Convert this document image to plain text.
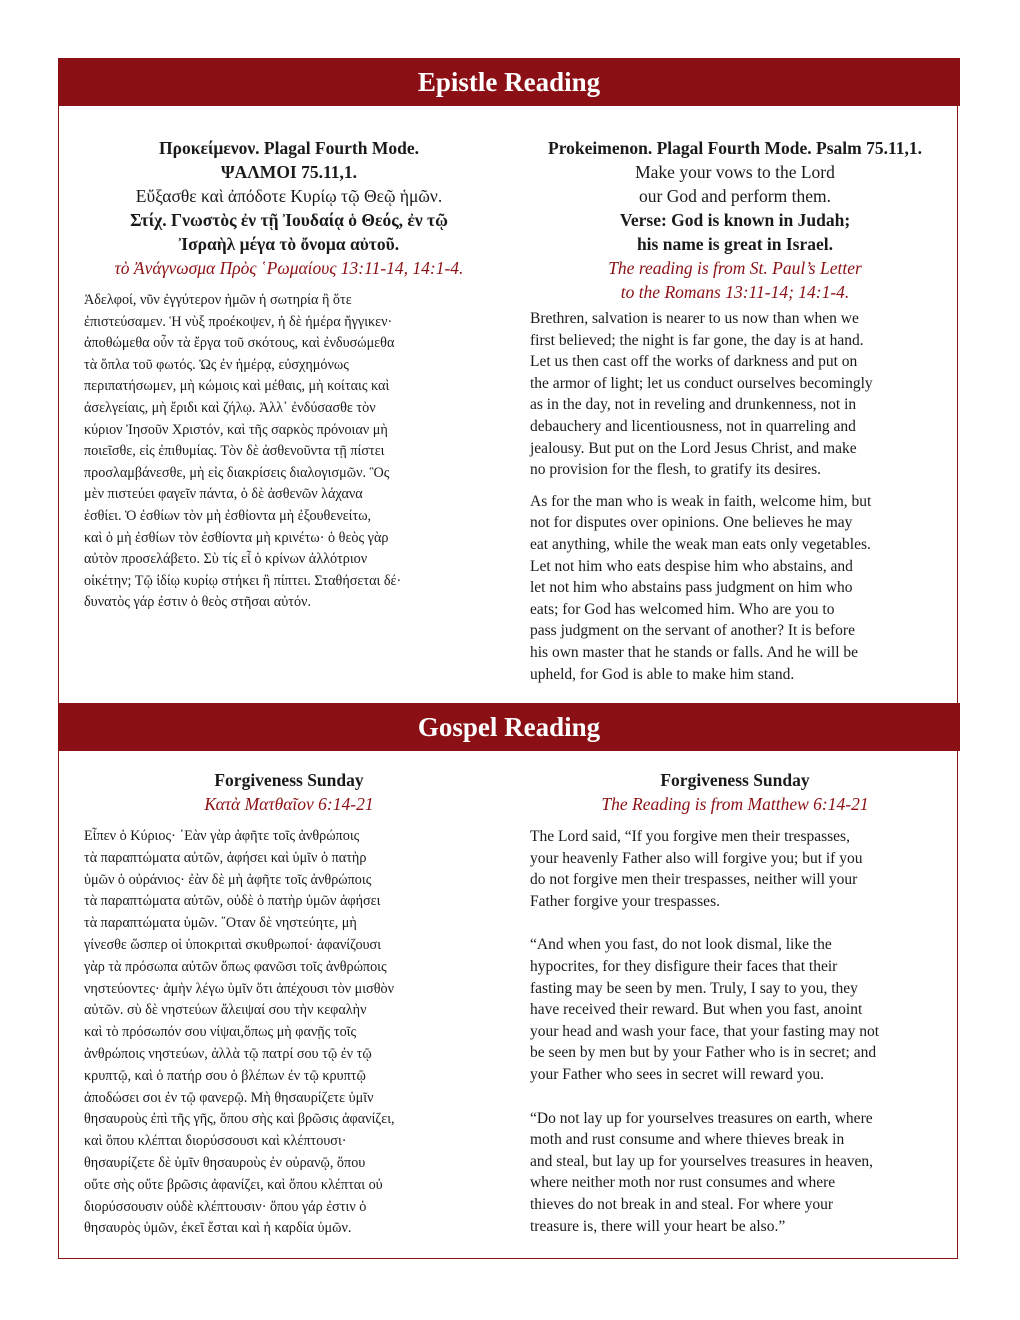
Epistle Reading
Προκείμενον. Plagal Fourth Mode.
ΨΑΛΜΟΙ 75.11,1.
Εὔξασθε καὶ ἀπόδοτε Κυρίῳ τῷ Θεῷ ἡμῶν.
Στίχ. Γνωστὸς ἐν τῇ Ἰουδαίᾳ ὁ Θεός, ἐν τῷ
Ἰσραὴλ μέγα τὸ ὄνομα αὐτοῦ.
τὸ Ἀνάγνωσμα Πρὸς ῾Ρωμαίους 13:11-14, 14:1-4.
Ἀδελφοί, νῦν ἐγγύτερον ἡμῶν ἡ σωτηρία ἢ ὅτε
ἐπιστεύσαμεν. Ἡ νὺξ προέκοψεν, ἡ δὲ ἡμέρα ἤγγικεν·
ἀποθώμεθα οὖν τὰ ἔργα τοῦ σκότους, καὶ ἐνδυσώμεθα
τὰ ὅπλα τοῦ φωτός. Ὡς ἐν ἡμέρᾳ, εὐσχημόνως
περιπατήσωμεν, μὴ κώμοις καὶ μέθαις, μὴ κοίταις καὶ
ἀσελγείαις, μὴ ἔριδι καὶ ζήλῳ. Ἀλλ᾽ ἐνδύσασθε τὸν
κύριον Ἰησοῦν Χριστόν, καὶ τῆς σαρκὸς πρόνοιαν μὴ
ποιεῖσθε, εἰς ἐπιθυμίας. Τὸν δὲ ἀσθενοῦντα τῇ πίστει
προσλαμβάνεσθε, μὴ εἰς διακρίσεις διαλογισμῶν. Ὃς
μὲν πιστεύει φαγεῖν πάντα, ὁ δὲ ἀσθενῶν λάχανα
ἐσθίει. Ὁ ἐσθίων τὸν μὴ ἐσθίοντα μὴ ἐξουθενείτω,
καὶ ὁ μὴ ἐσθίων τὸν ἐσθίοντα μὴ κρινέτω· ὁ θεὸς γὰρ
αὐτὸν προσελάβετο. Σὺ τίς εἶ ὁ κρίνων ἀλλότριον
οἰκέτην; Τῷ ἰδίῳ κυρίῳ στήκει ἢ πίπτει. Σταθήσεται δέ·
δυνατὸς γάρ ἐστιν ὁ θεὸς στῆσαι αὐτόν.
Prokeimenon. Plagal Fourth Mode. Psalm 75.11,1.
Make your vows to the Lord
our God and perform them.
Verse: God is known in Judah;
his name is great in Israel.
The reading is from St. Paul’s Letter
to the Romans 13:11-14; 14:1-4.
Brethren, salvation is nearer to us now than when we
first believed; the night is far gone, the day is at hand.
Let us then cast off the works of darkness and put on
the armor of light; let us conduct ourselves becomingly
as in the day, not in reveling and drunkenness, not in
debauchery and licentiousness, not in quarreling and
jealousy. But put on the Lord Jesus Christ, and make
no provision for the flesh, to gratify its desires.
As for the man who is weak in faith, welcome him, but
not for disputes over opinions. One believes he may
eat anything, while the weak man eats only vegetables.
Let not him who eats despise him who abstains, and
let not him who abstains pass judgment on him who
eats; for God has welcomed him. Who are you to
pass judgment on the servant of another? It is before
his own master that he stands or falls. And he will be
upheld, for God is able to make him stand.
Gospel Reading
Forgiveness Sunday
Κατὰ Ματθαῖον 6:14-21
Εἶπεν ὁ Κύριος· ᾿Εὰν γὰρ ἀφῆτε τοῖς ἀνθρώποις
τὰ παραπτώματα αὐτῶν, ἀφήσει καὶ ὑμῖν ὁ πατὴρ
ὑμῶν ὁ οὐράνιος· ἐὰν δὲ μὴ ἀφῆτε τοῖς ἀνθρώποις
τὰ παραπτώματα αὐτῶν, οὐδὲ ὁ πατὴρ ὑμῶν ἀφήσει
τὰ παραπτώματα ὑμῶν. ῞Οταν δὲ νηστεύητε, μὴ
γίνεσθε ὥσπερ οἱ ὑποκριταὶ σκυθρωποί· ἀφανίζουσι
γὰρ τὰ πρόσωπα αὐτῶν ὅπως φανῶσι τοῖς ἀνθρώποις
νηστεύοντες· ἀμὴν λέγω ὑμῖν ὅτι ἀπέχουσι τὸν μισθὸν
αὐτῶν. σὺ δὲ νηστεύων ἄλειψαί σου τὴν κεφαλὴν
καὶ τὸ πρόσωπόν σου νίψαι,ὅπως μὴ φανῇς τοῖς
ἀνθρώποις νηστεύων, ἀλλὰ τῷ πατρί σου τῷ ἐν τῷ
κρυπτῷ, καὶ ὁ πατήρ σου ὁ βλέπων ἐν τῷ κρυπτῷ
ἀποδώσει σοι ἐν τῷ φανερῷ. Μὴ θησαυρίζετε ὑμῖν
θησαυροὺς ἐπὶ τῆς γῆς, ὅπου σὴς καὶ βρῶσις ἀφανίζει,
καὶ ὅπου κλέπται διορύσσουσι καὶ κλέπτουσι·
θησαυρίζετε δὲ ὑμῖν θησαυροὺς ἐν οὐρανῷ, ὅπου
οὔτε σὴς οὔτε βρῶσις ἀφανίζει, καὶ ὅπου κλέπται οὐ
διορύσσουσιν οὐδὲ κλέπτουσιν· ὅπου γάρ ἐστιν ὁ
θησαυρὸς ὑμῶν, ἐκεῖ ἔσται καὶ ἡ καρδία ὑμῶν.
Forgiveness Sunday
The Reading is from Matthew 6:14-21
The Lord said, “If you forgive men their trespasses,
your heavenly Father also will forgive you; but if you
do not forgive men their trespasses, neither will your
Father forgive your trespasses.
“And when you fast, do not look dismal, like the
hypocrites, for they disfigure their faces that their
fasting may be seen by men. Truly, I say to you, they
have received their reward. But when you fast, anoint
your head and wash your face, that your fasting may not
be seen by men but by your Father who is in secret; and
your Father who sees in secret will reward you.
“Do not lay up for yourselves treasures on earth, where
moth and rust consume and where thieves break in
and steal, but lay up for yourselves treasures in heaven,
where neither moth nor rust consumes and where
thieves do not break in and steal. For where your
treasure is, there will your heart be also.”
